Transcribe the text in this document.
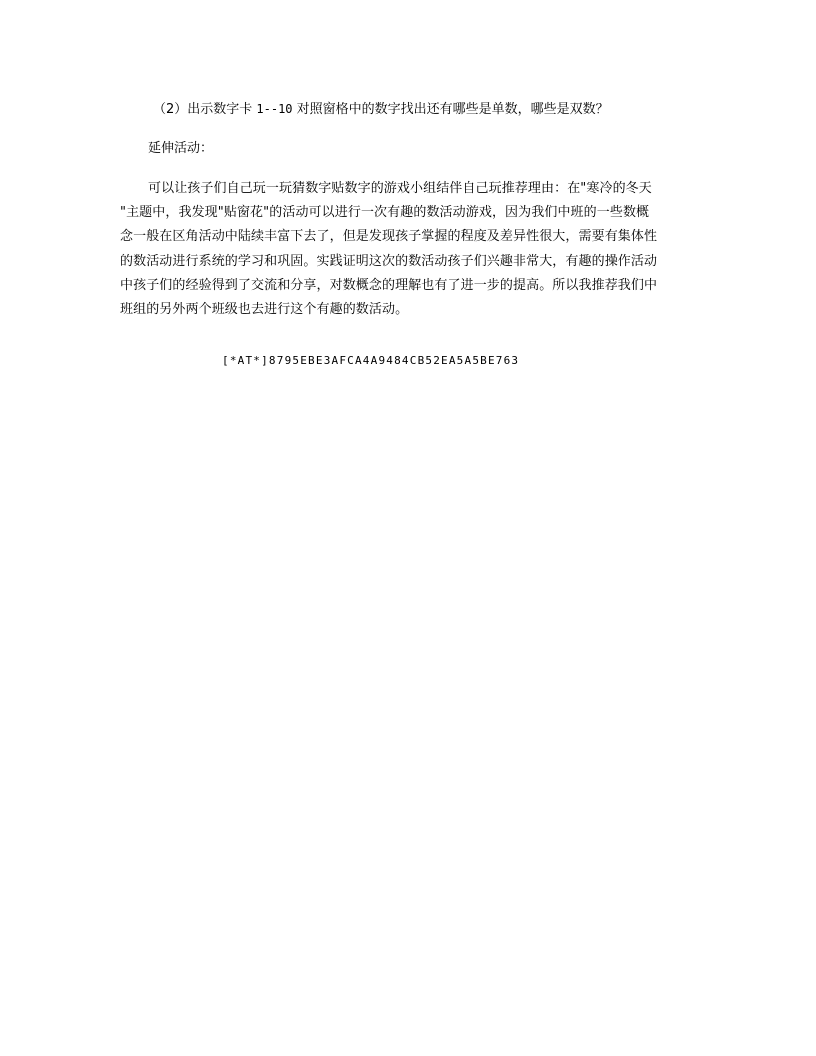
（2）出示数字卡 1--10 对照窗格中的数字找出还有哪些是单数，哪些是双数？
延伸活动：
可以让孩子们自己玩一玩猜数字贴数字的游戏小组结伴自己玩推荐理由：在"寒冷的冬天
"主题中，我发现"贴窗花"的活动可以进行一次有趣的数活动游戏，因为我们中班的一些数概
念一般在区角活动中陆续丰富下去了，但是发现孩子掌握的程度及差异性很大，需要有集体性
的数活动进行系统的学习和巩固。实践证明这次的数活动孩子们兴趣非常大，有趣的操作活动
中孩子们的经验得到了交流和分享，对数概念的理解也有了进一步的提高。所以我推荐我们中
班组的另外两个班级也去进行这个有趣的数活动。
[*AT*]8795EBE3AFCA4A9484CB52EA5A5BE763
